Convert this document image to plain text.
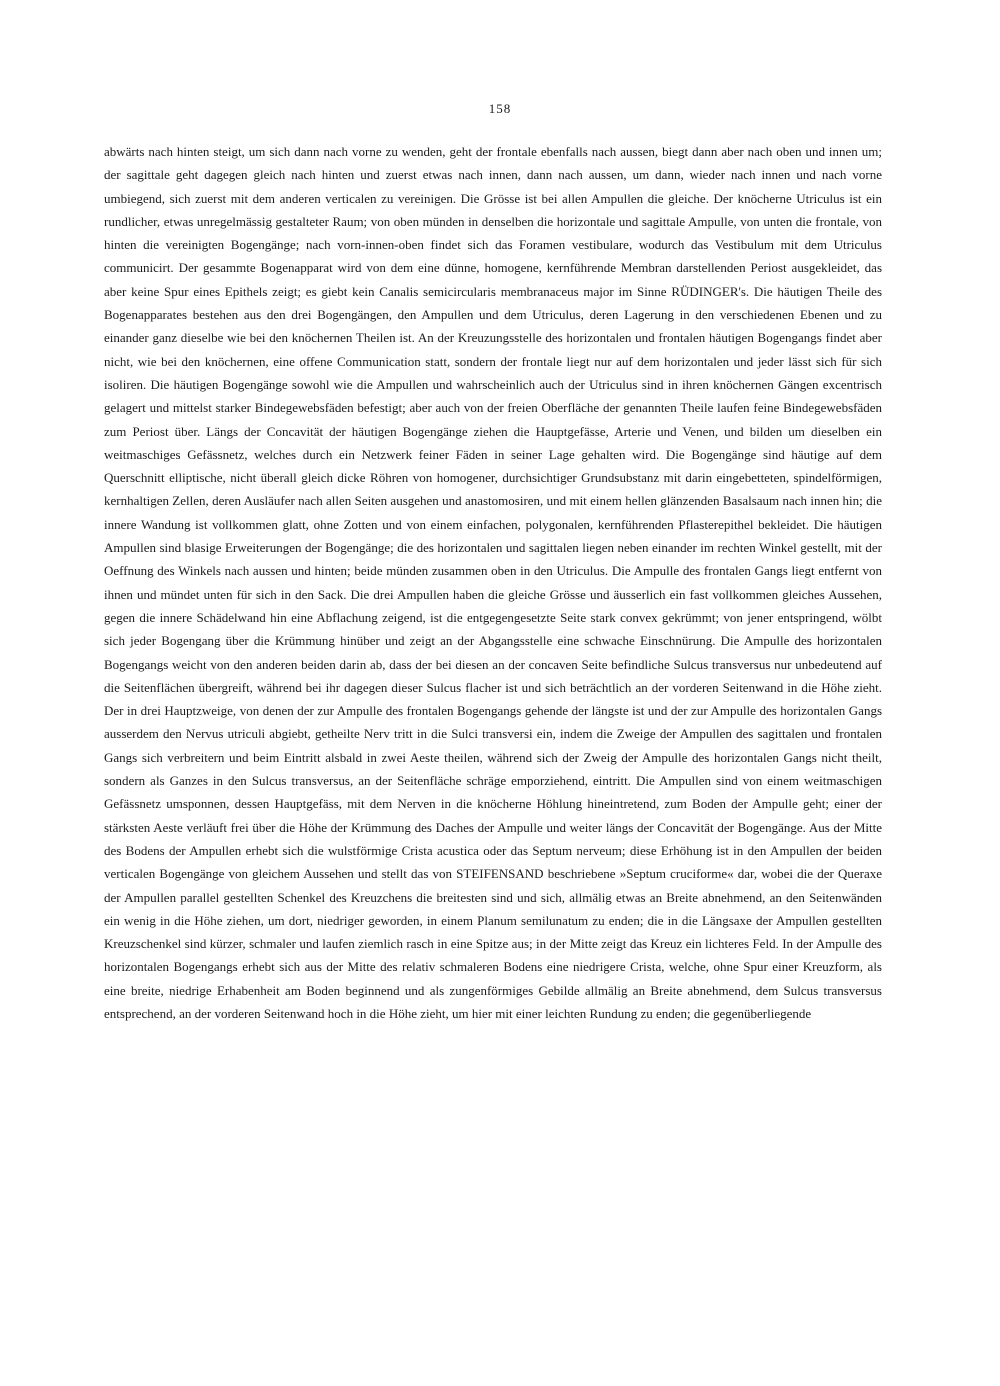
158

abwärts nach hinten steigt, um sich dann nach vorne zu wenden, geht der frontale ebenfalls nach aussen, biegt dann aber nach oben und innen um; der sagittale geht dagegen gleich nach hinten und zuerst etwas nach innen, dann nach aussen, um dann, wieder nach innen und nach vorne umbiegend, sich zuerst mit dem anderen verticalen zu vereinigen. Die Grösse ist bei allen Ampullen die gleiche. Der knöcherne Utriculus ist ein rundlicher, etwas unregelmässig gestalteter Raum; von oben münden in denselben die horizontale und sagittale Ampulle, von unten die frontale, von hinten die vereinigten Bogengänge; nach vorn-innen-oben findet sich das Foramen vestibulare, wodurch das Vestibulum mit dem Utriculus communicirt. Der gesammte Bogenapparat wird von dem eine dünne, homogene, kernführende Membran darstellenden Periost ausgekleidet, das aber keine Spur eines Epithels zeigt; es giebt kein Canalis semicircularis membranaceus major im Sinne RÜDINGER's. Die häutigen Theile des Bogenapparates bestehen aus den drei Bogengängen, den Ampullen und dem Utriculus, deren Lagerung in den verschiedenen Ebenen und zu einander ganz dieselbe wie bei den knöchernen Theilen ist. An der Kreuzungsstelle des horizontalen und frontalen häutigen Bogengangs findet aber nicht, wie bei den knöchernen, eine offene Communication statt, sondern der frontale liegt nur auf dem horizontalen und jeder lässt sich für sich isoliren. Die häutigen Bogengänge sowohl wie die Ampullen und wahrscheinlich auch der Utriculus sind in ihren knöchernen Gängen excentrisch gelagert und mittelst starker Bindegewebsfäden befestigt; aber auch von der freien Oberfläche der genannten Theile laufen feine Bindegewebsfäden zum Periost über. Längs der Concavität der häutigen Bogengänge ziehen die Hauptgefässe, Arterie und Venen, und bilden um dieselben ein weitmaschiges Gefässnetz, welches durch ein Netzwerk feiner Fäden in seiner Lage gehalten wird. Die Bogengänge sind häutige auf dem Querschnitt elliptische, nicht überall gleich dicke Röhren von homogener, durchsichtiger Grundsubstanz mit darin eingebetteten, spindelförmigen, kernhaltigen Zellen, deren Ausläufer nach allen Seiten ausgehen und anastomosiren, und mit einem hellen glänzenden Basalsaum nach innen hin; die innere Wandung ist vollkommen glatt, ohne Zotten und von einem einfachen, polygonalen, kernführenden Pflasterepithel bekleidet. Die häutigen Ampullen sind blasige Erweiterungen der Bogengänge; die des horizontalen und sagittalen liegen neben einander im rechten Winkel gestellt, mit der Oeffnung des Winkels nach aussen und hinten; beide münden zusammen oben in den Utriculus. Die Ampulle des frontalen Gangs liegt entfernt von ihnen und mündet unten für sich in den Sack. Die drei Ampullen haben die gleiche Grösse und äusserlich ein fast vollkommen gleiches Aussehen, gegen die innere Schädelwand hin eine Abflachung zeigend, ist die entgegengesetzte Seite stark convex gekrümmt; von jener entspringend, wölbt sich jeder Bogengang über die Krümmung hinüber und zeigt an der Abgangsstelle eine schwache Einschnürung. Die Ampulle des horizontalen Bogengangs weicht von den anderen beiden darin ab, dass der bei diesen an der concaven Seite befindliche Sulcus transversus nur unbedeutend auf die Seitenflächen übergreift, während bei ihr dagegen dieser Sulcus flacher ist und sich beträchtlich an der vorderen Seitenwand in die Höhe zieht. Der in drei Hauptzweige, von denen der zur Ampulle des frontalen Bogengangs gehende der längste ist und der zur Ampulle des horizontalen Gangs ausserdem den Nervus utriculi abgiebt, getheilte Nerv tritt in die Sulci transversi ein, indem die Zweige der Ampullen des sagittalen und frontalen Gangs sich verbreitern und beim Eintritt alsbald in zwei Aeste theilen, während sich der Zweig der Ampulle des horizontalen Gangs nicht theilt, sondern als Ganzes in den Sulcus transversus, an der Seitenfläche schräge emporziehend, eintritt. Die Ampullen sind von einem weitmaschigen Gefässnetz umsponnen, dessen Hauptgefäss, mit dem Nerven in die knöcherne Höhlung hineintretend, zum Boden der Ampulle geht; einer der stärksten Aeste verläuft frei über die Höhe der Krümmung des Daches der Ampulle und weiter längs der Concavität der Bogengänge. Aus der Mitte des Bodens der Ampullen erhebt sich die wulstförmige Crista acustica oder das Septum nerveum; diese Erhöhung ist in den Ampullen der beiden verticalen Bogengänge von gleichem Aussehen und stellt das von STEIFENSAND beschriebene »Septum cruciforme« dar, wobei die der Queraxe der Ampullen parallel gestellten Schenkel des Kreuzchens die breitesten sind und sich, allmälig etwas an Breite abnehmend, an den Seitenwänden ein wenig in die Höhe ziehen, um dort, niedriger geworden, in einem Planum semilunatum zu enden; die in die Längsaxe der Ampullen gestellten Kreuzschenkel sind kürzer, schmaler und laufen ziemlich rasch in eine Spitze aus; in der Mitte zeigt das Kreuz ein lichteres Feld. In der Ampulle des horizontalen Bogengangs erhebt sich aus der Mitte des relativ schmaleren Bodens eine niedrigere Crista, welche, ohne Spur einer Kreuzform, als eine breite, niedrige Erhabenheit am Boden beginnend und als zungenförmiges Gebilde allmälig an Breite abnehmend, dem Sulcus transversus entsprechend, an der vorderen Seitenwand hoch in die Höhe zieht, um hier mit einer leichten Rundung zu enden; die gegenüberliegende
